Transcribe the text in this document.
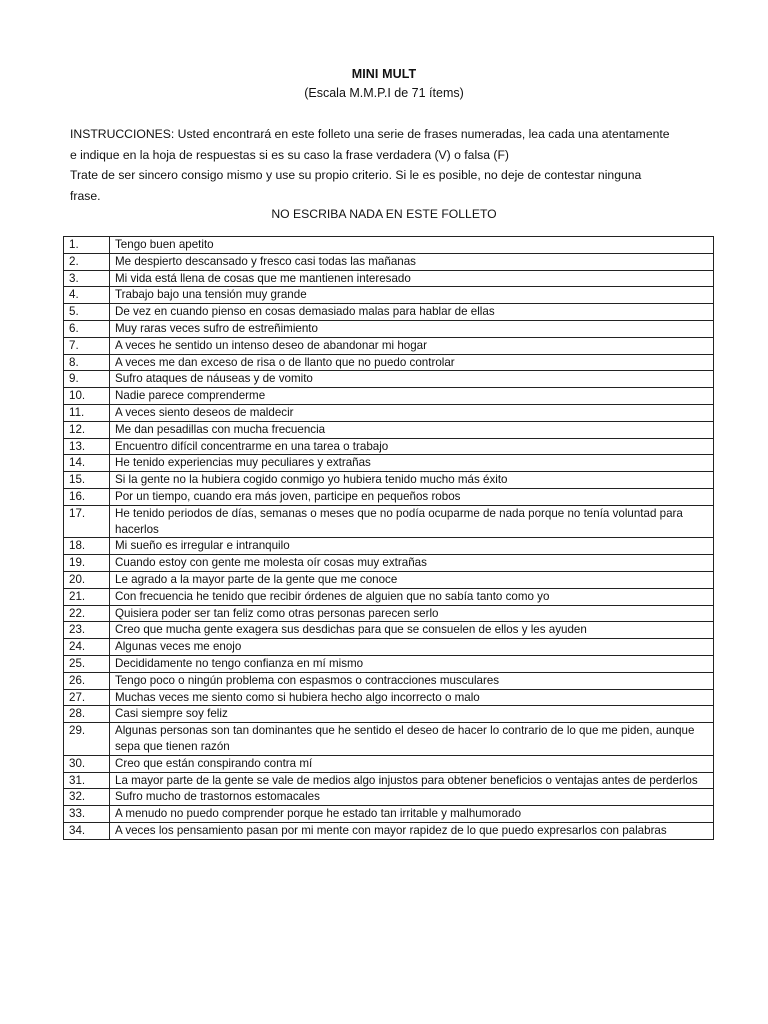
MINI MULT
(Escala M.M.P.I de 71 ítems)

INSTRUCCIONES: Usted encontrará en este folleto una serie de frases numeradas, lea cada una atentamente

e indique en la hoja de respuestas si es su caso la frase verdadera (V) o falsa (F)

Trate de ser sincero consigo mismo y use su propio criterio. Si le es posible, no deje de contestar ninguna

frase.

NO ESCRIBA NADA EN ESTE FOLLETO
1.	Tengo buen apetito
2.	Me despierto descansado y fresco casi todas las mañanas
3.	Mi vida está llena de cosas que me mantienen interesado
4.	Trabajo bajo una tensión muy grande
5.	De vez en cuando pienso en cosas demasiado malas para hablar de ellas
6.	Muy raras veces sufro de estreñimiento
7.	A veces he sentido un intenso deseo de abandonar mi hogar
8.	A veces me dan exceso de risa o de llanto que no puedo controlar
9.	Sufro ataques de náuseas y de vomito
10.	Nadie parece comprenderme
11.	A veces siento deseos de maldecir
12.	Me dan pesadillas con mucha frecuencia
13.	Encuentro difícil concentrarme en una tarea o trabajo
14.	He tenido experiencias muy peculiares y extrañas
15.	Si la gente no la hubiera cogido conmigo yo hubiera tenido mucho más éxito
16.	Por un tiempo, cuando era más joven, participe en pequeños robos
17.	He tenido periodos de días, semanas o meses que no podía ocuparme de nada porque no tenía voluntad para hacerlos
18.	Mi sueño es irregular e intranquilo
19.	Cuando estoy con gente me molesta oír cosas muy extrañas
20.	Le agrado a la mayor parte de la gente que me conoce
21.	Con frecuencia he tenido que recibir órdenes de alguien que no sabía tanto como yo
22.	Quisiera poder ser tan feliz como otras personas parecen serlo
23.	Creo que mucha gente exagera sus desdichas para que se consuelen de ellos y les ayuden
24.	Algunas veces me enojo
25.	Decididamente no tengo confianza en mí mismo
26.	Tengo poco o ningún problema con espasmos o contracciones musculares
27.	Muchas veces me siento como si hubiera hecho algo incorrecto o malo
28.	Casi siempre soy feliz
29.	Algunas personas son tan dominantes que he sentido el deseo de hacer lo contrario de lo que me piden, aunque sepa que tienen razón
30.	Creo que están conspirando contra mí
31.	La mayor parte de la gente se vale de medios algo injustos para obtener beneficios o ventajas antes de perderlos
32.	Sufro mucho de trastornos estomacales
33.	A menudo no puedo comprender porque he estado tan irritable y malhumorado
34.	A veces los pensamiento pasan por mi mente con mayor rapidez de lo que puedo expresarlos con palabras
